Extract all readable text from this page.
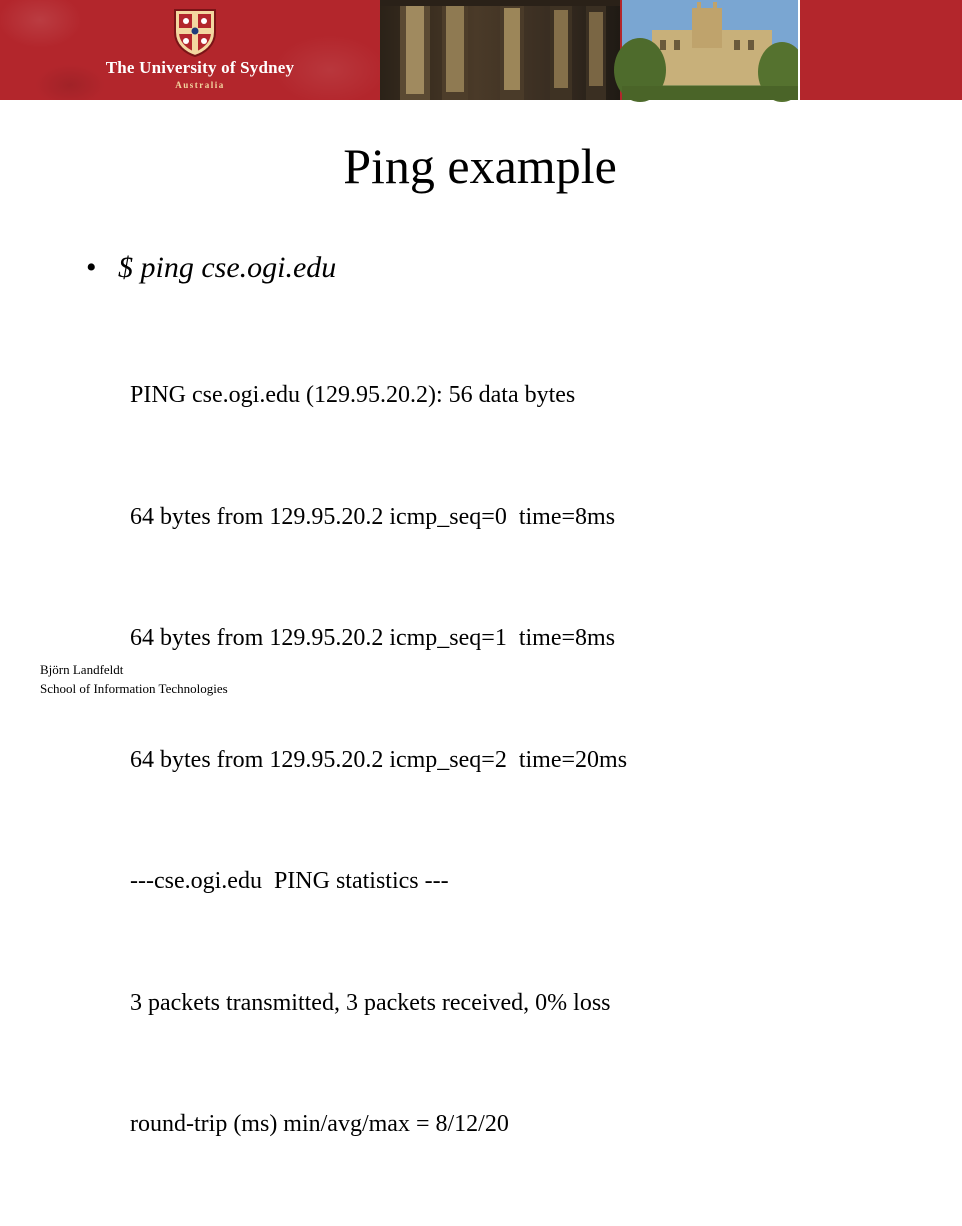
The University of Sydney
Australia
Ping example
• $ ping cse.ogi.edu

PING cse.ogi.edu (129.95.20.2): 56 data bytes

64 bytes from 129.95.20.2 icmp_seq=0  time=8ms

64 bytes from 129.95.20.2 icmp_seq=1  time=8ms

64 bytes from 129.95.20.2 icmp_seq=2  time=20ms

---cse.ogi.edu  PING statistics ---

3 packets transmitted, 3 packets received, 0% loss

round-trip (ms) min/avg/max = 8/12/20

Björn Landfeldt
School of Information Technologies
